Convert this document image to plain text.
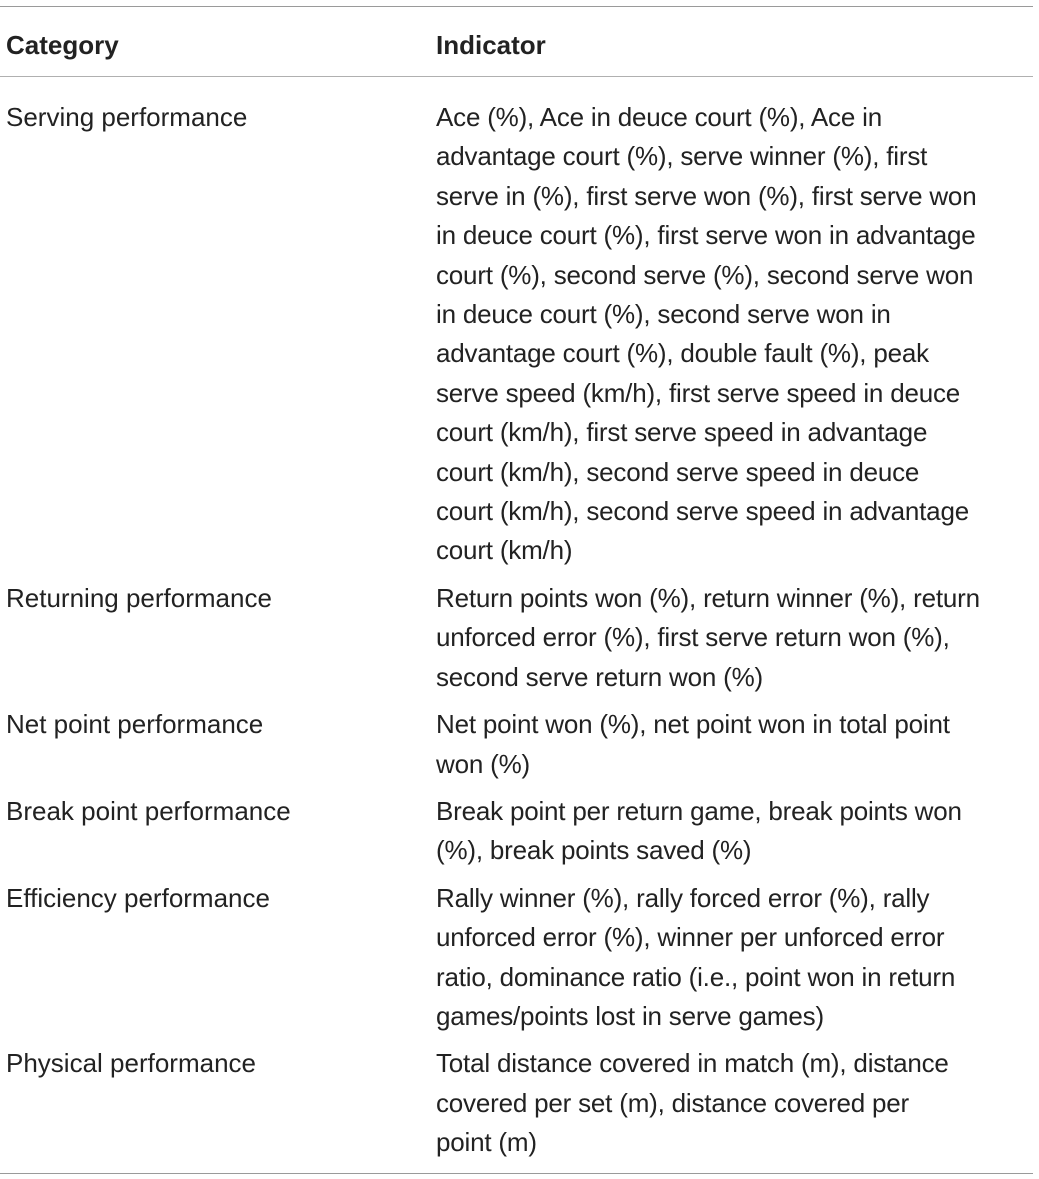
Category	Indicator
Serving performance	Ace (%), Ace in deuce court (%), Ace in
advantage court (%), serve winner (%), first
serve in (%), first serve won (%), first serve won
in deuce court (%), first serve won in advantage
court (%), second serve (%), second serve won
in deuce court (%), second serve won in
advantage court (%), double fault (%), peak
serve speed (km/h), first serve speed in deuce
court (km/h), first serve speed in advantage
court (km/h), second serve speed in deuce
court (km/h), second serve speed in advantage
court (km/h)
Returning performance	Return points won (%), return winner (%), return
unforced error (%), first serve return won (%),
second serve return won (%)
Net point performance	Net point won (%), net point won in total point
won (%)
Break point performance	Break point per return game, break points won
(%), break points saved (%)
Efficiency performance	Rally winner (%), rally forced error (%), rally
unforced error (%), winner per unforced error
ratio, dominance ratio (i.e., point won in return
games/points lost in serve games)
Physical performance	Total distance covered in match (m), distance
covered per set (m), distance covered per
point (m)
